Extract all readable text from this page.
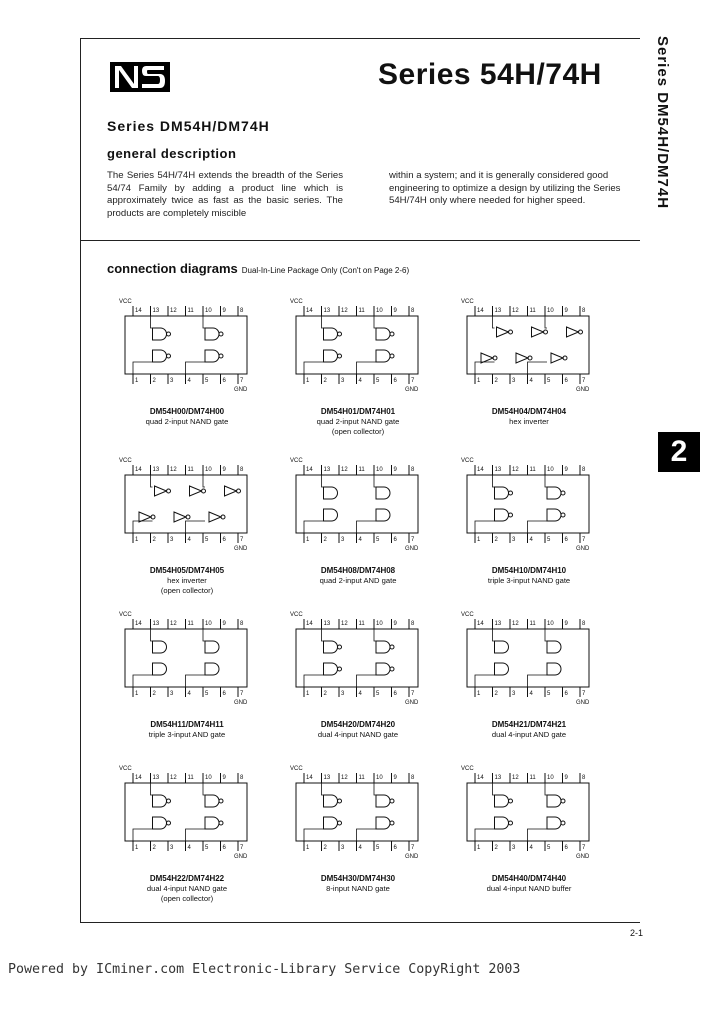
Series 54H/74H
Series DM54H/DM74H
general description
The Series 54H/74H extends the breadth of the Series 54/74 Family by adding a product line which is approximately twice as fast as the basic series. The products are completely miscible
within a system; and it is generally considered good engineering to optimize a design by utilizing the Series 54H/74H only where needed for higher speed.	Series DM54H/DM74H
2
connection diagrams Dual-In-Line Package Only (Con't on Page 2-6)
14
1
13
2
12
3
11
4
10
5
9
6
8
7
VCC
GND
DM54H00/DM74H00
quad 2-input NAND gate
14
1
13
2
12
3
11
4
10
5
9
6
8
7
VCC
GND
DM54H01/DM74H01
quad 2-input NAND gate
(open collector)
14
1
13
2
12
3
11
4
10
5
9
6
8
7
VCC
GND
DM54H04/DM74H04
hex inverter
14
1
13
2
12
3
11
4
10
5
9
6
8
7
VCC
GND
DM54H05/DM74H05
hex inverter
(open collector)
14
1
13
2
12
3
11
4
10
5
9
6
8
7
VCC
GND
DM54H08/DM74H08
quad 2-input AND gate
14
1
13
2
12
3
11
4
10
5
9
6
8
7
VCC
GND
DM54H10/DM74H10
triple 3-input NAND gate
14
1
13
2
12
3
11
4
10
5
9
6
8
7
VCC
GND
DM54H11/DM74H11
triple 3-input AND gate
14
1
13
2
12
3
11
4
10
5
9
6
8
7
VCC
GND
DM54H20/DM74H20
dual 4-input NAND gate
14
1
13
2
12
3
11
4
10
5
9
6
8
7
VCC
GND
DM54H21/DM74H21
dual 4-input AND gate
14
1
13
2
12
3
11
4
10
5
9
6
8
7
VCC
GND
DM54H22/DM74H22
dual 4-input NAND gate
(open collector)
14
1
13
2
12
3
11
4
10
5
9
6
8
7
VCC
GND
DM54H30/DM74H30
8-input NAND gate
14
1
13
2
12
3
11
4
10
5
9
6
8
7
VCC
GND
DM54H40/DM74H40
dual 4-input NAND buffer
2-1
Powered by ICminer.com Electronic-Library Service CopyRight 2003
